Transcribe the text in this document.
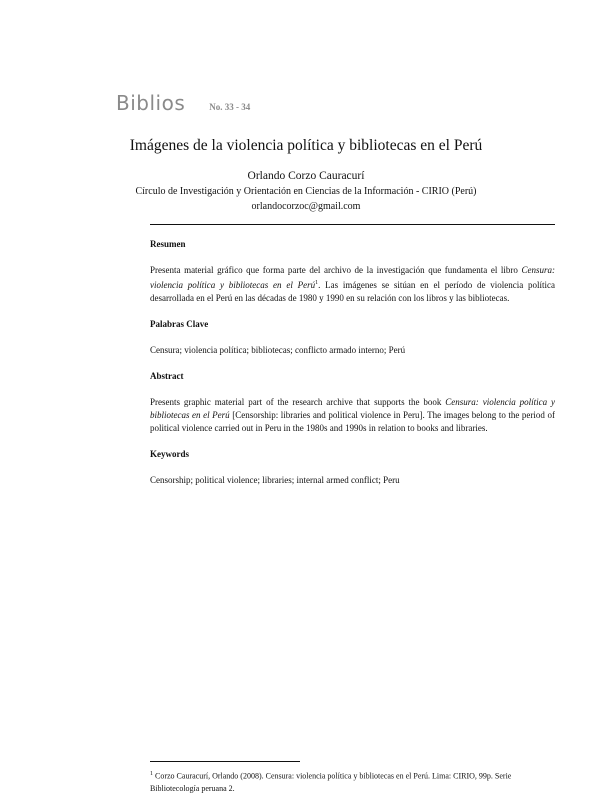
Biblios	No. 33 - 34
Imágenes de la violencia política y bibliotecas en el Perú
Orlando Corzo Cauracurí
Círculo de Investigación y Orientación en Ciencias de la Información - CIRIO (Perú)
orlandocorzoc@gmail.com

Resumen

Presenta material gráfico que forma parte del archivo de la investigación que fundamenta el libro Censura: violencia política y bibliotecas en el Perú$^1$. Las imágenes se sitúan en el período de violencia política desarrollada en el Perú en las décadas de 1980 y 1990 en su relación con los libros y las bibliotecas.

Palabras Clave

Censura; violencia política; bibliotecas; conflicto armado interno; Perú

Abstract

Presents graphic material part of the research archive that supports the book Censura: violencia política y bibliotecas en el Perú [Censorship: libraries and political violence in Peru]. The images belong to the period of political violence carried out in Peru in the 1980s and 1990s in relation to books and libraries.

Keywords

Censorship; political violence; libraries; internal armed conflict; Peru

$^1$ Corzo Cauracurí, Orlando (2008). Censura: violencia política y bibliotecas en el Perú. Lima: CIRIO, 99p. Serie Bibliotecología peruana 2.
